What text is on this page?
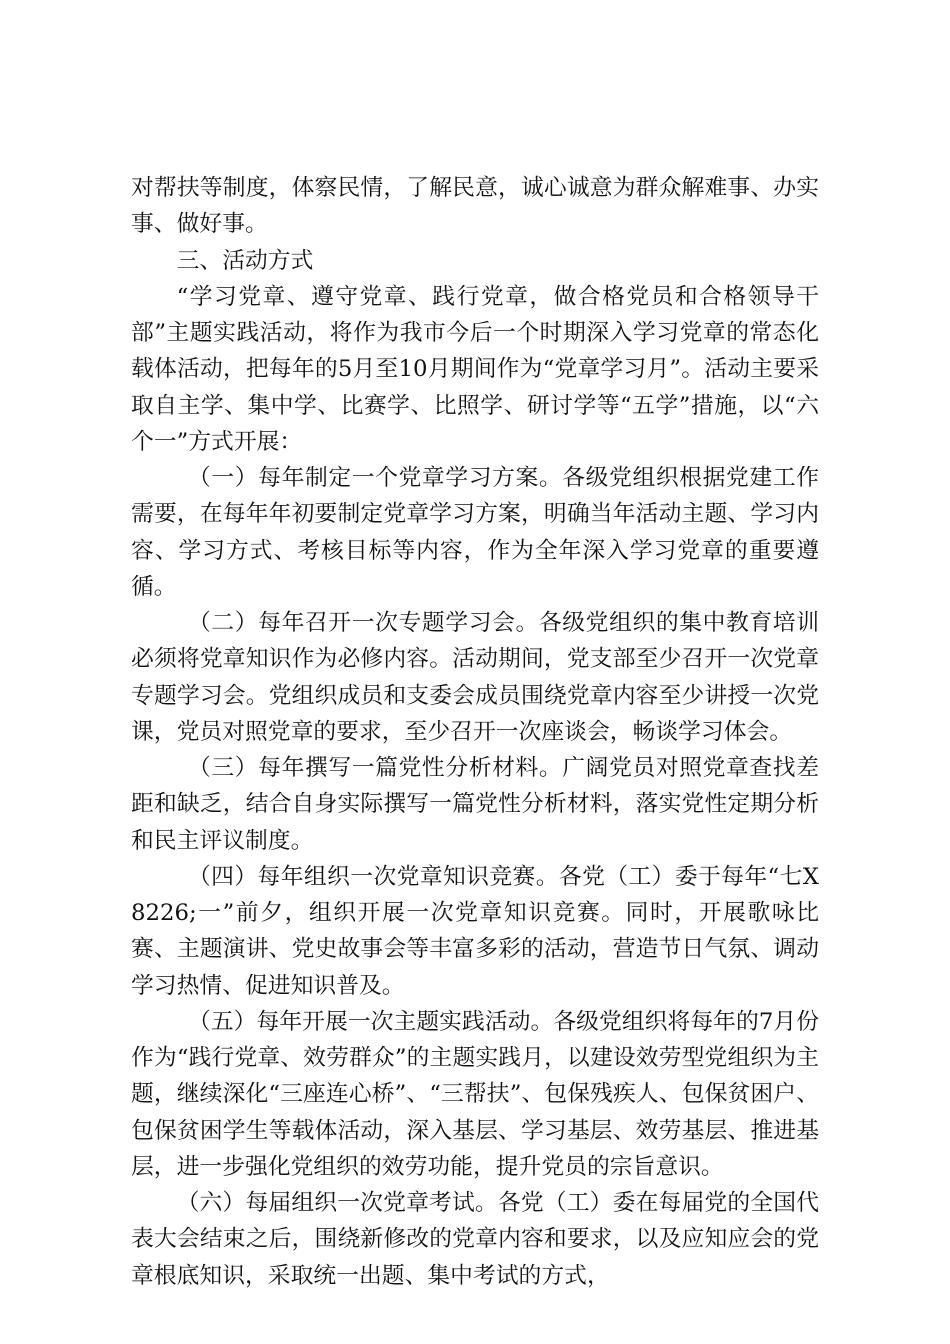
对帮扶等制度，体察民情，了解民意，诚心诚意为群众解难事、办实事、做好事。

三、活动方式

“学习党章、遵守党章、践行党章，做合格党员和合格领导干部”主题实践活动，将作为我市今后一个时期深入学习党章的常态化载体活动，把每年的5月至10月期间作为“党章学习月”。活动主要采取自主学、集中学、比赛学、比照学、研讨学等“五学”措施，以“六个一”方式开展：

（一）每年制定一个党章学习方案。各级党组织根据党建工作需要，在每年年初要制定党章学习方案，明确当年活动主题、学习内容、学习方式、考核目标等内容，作为全年深入学习党章的重要遵循。

（二）每年召开一次专题学习会。各级党组织的集中教育培训必须将党章知识作为必修内容。活动期间，党支部至少召开一次党章专题学习会。党组织成员和支委会成员围绕党章内容至少讲授一次党课，党员对照党章的要求，至少召开一次座谈会，畅谈学习体会。

（三）每年撰写一篇党性分析材料。广阔党员对照党章查找差距和缺乏，结合自身实际撰写一篇党性分析材料，落实党性定期分析和民主评议制度。

（四）每年组织一次党章知识竞赛。各党（工）委于每年“七X8226;一”前夕，组织开展一次党章知识竞赛。同时，开展歌咏比赛、主题演讲、党史故事会等丰富多彩的活动，营造节日气氛、调动学习热情、促进知识普及。

（五）每年开展一次主题实践活动。各级党组织将每年的7月份作为“践行党章、效劳群众”的主题实践月，以建设效劳型党组织为主题，继续深化“三座连心桥”、“三帮扶”、包保残疾人、包保贫困户、包保贫困学生等载体活动，深入基层、学习基层、效劳基层、推进基层，进一步强化党组织的效劳功能，提升党员的宗旨意识。

（六）每届组织一次党章考试。各党（工）委在每届党的全国代表大会结束之后，围绕新修改的党章内容和要求，以及应知应会的党章根底知识，采取统一出题、集中考试的方式，
